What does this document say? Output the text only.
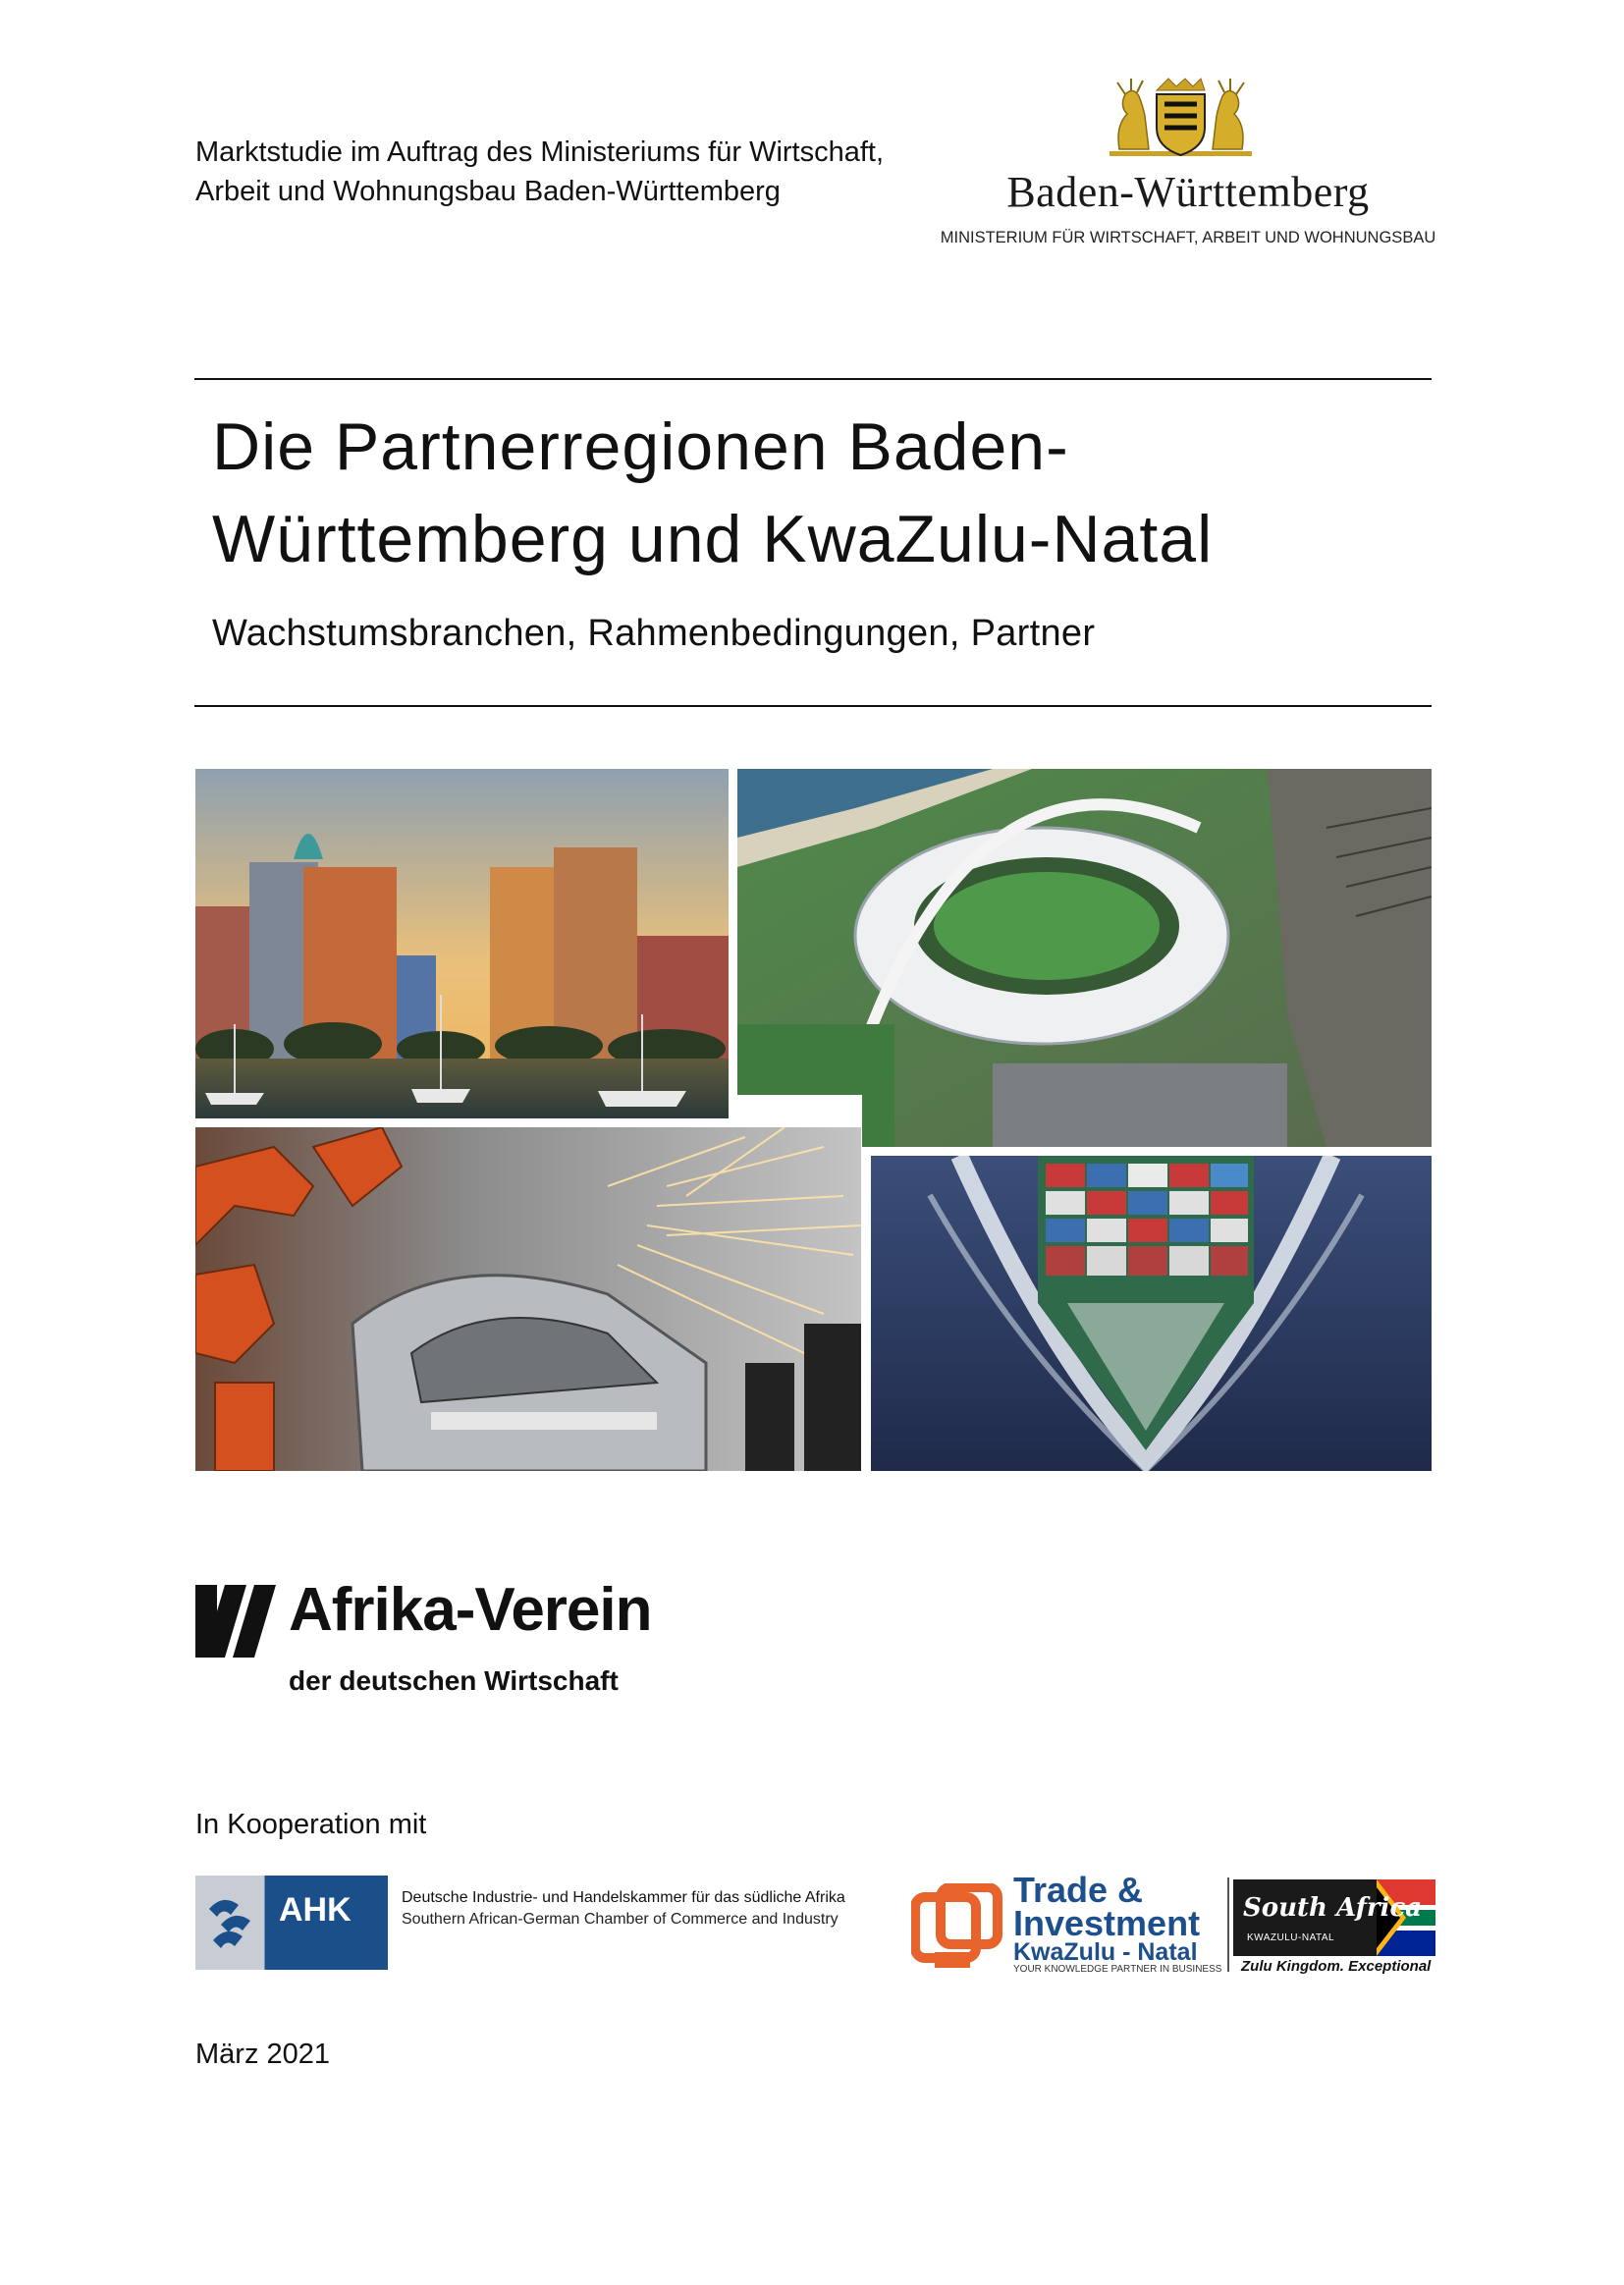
Marktstudie im Auftrag des Ministeriums für Wirtschaft,
Arbeit und Wohnungsbau Baden-Württemberg	Baden-Württemberg
MINISTERIUM FÜR WIRTSCHAFT, ARBEIT UND WOHNUNGSBAU
Die Partnerregionen Baden-
Württemberg und KwaZulu-Natal
Wachstumsbranchen, Rahmenbedingungen, Partner
Afrika-Verein
der deutschen Wirtschaft
In Kooperation mit
AHK	Deutsche Industrie- und Handelskammer für das südliche Afrika
Southern African-German Chamber of Commerce and Industry
Trade &
Investment
KwaZulu - Natal
YOUR KNOWLEDGE PARTNER IN BUSINESS
South Africa
KWAZULU-NATAL
Zulu Kingdom. Exceptional
März 2021
